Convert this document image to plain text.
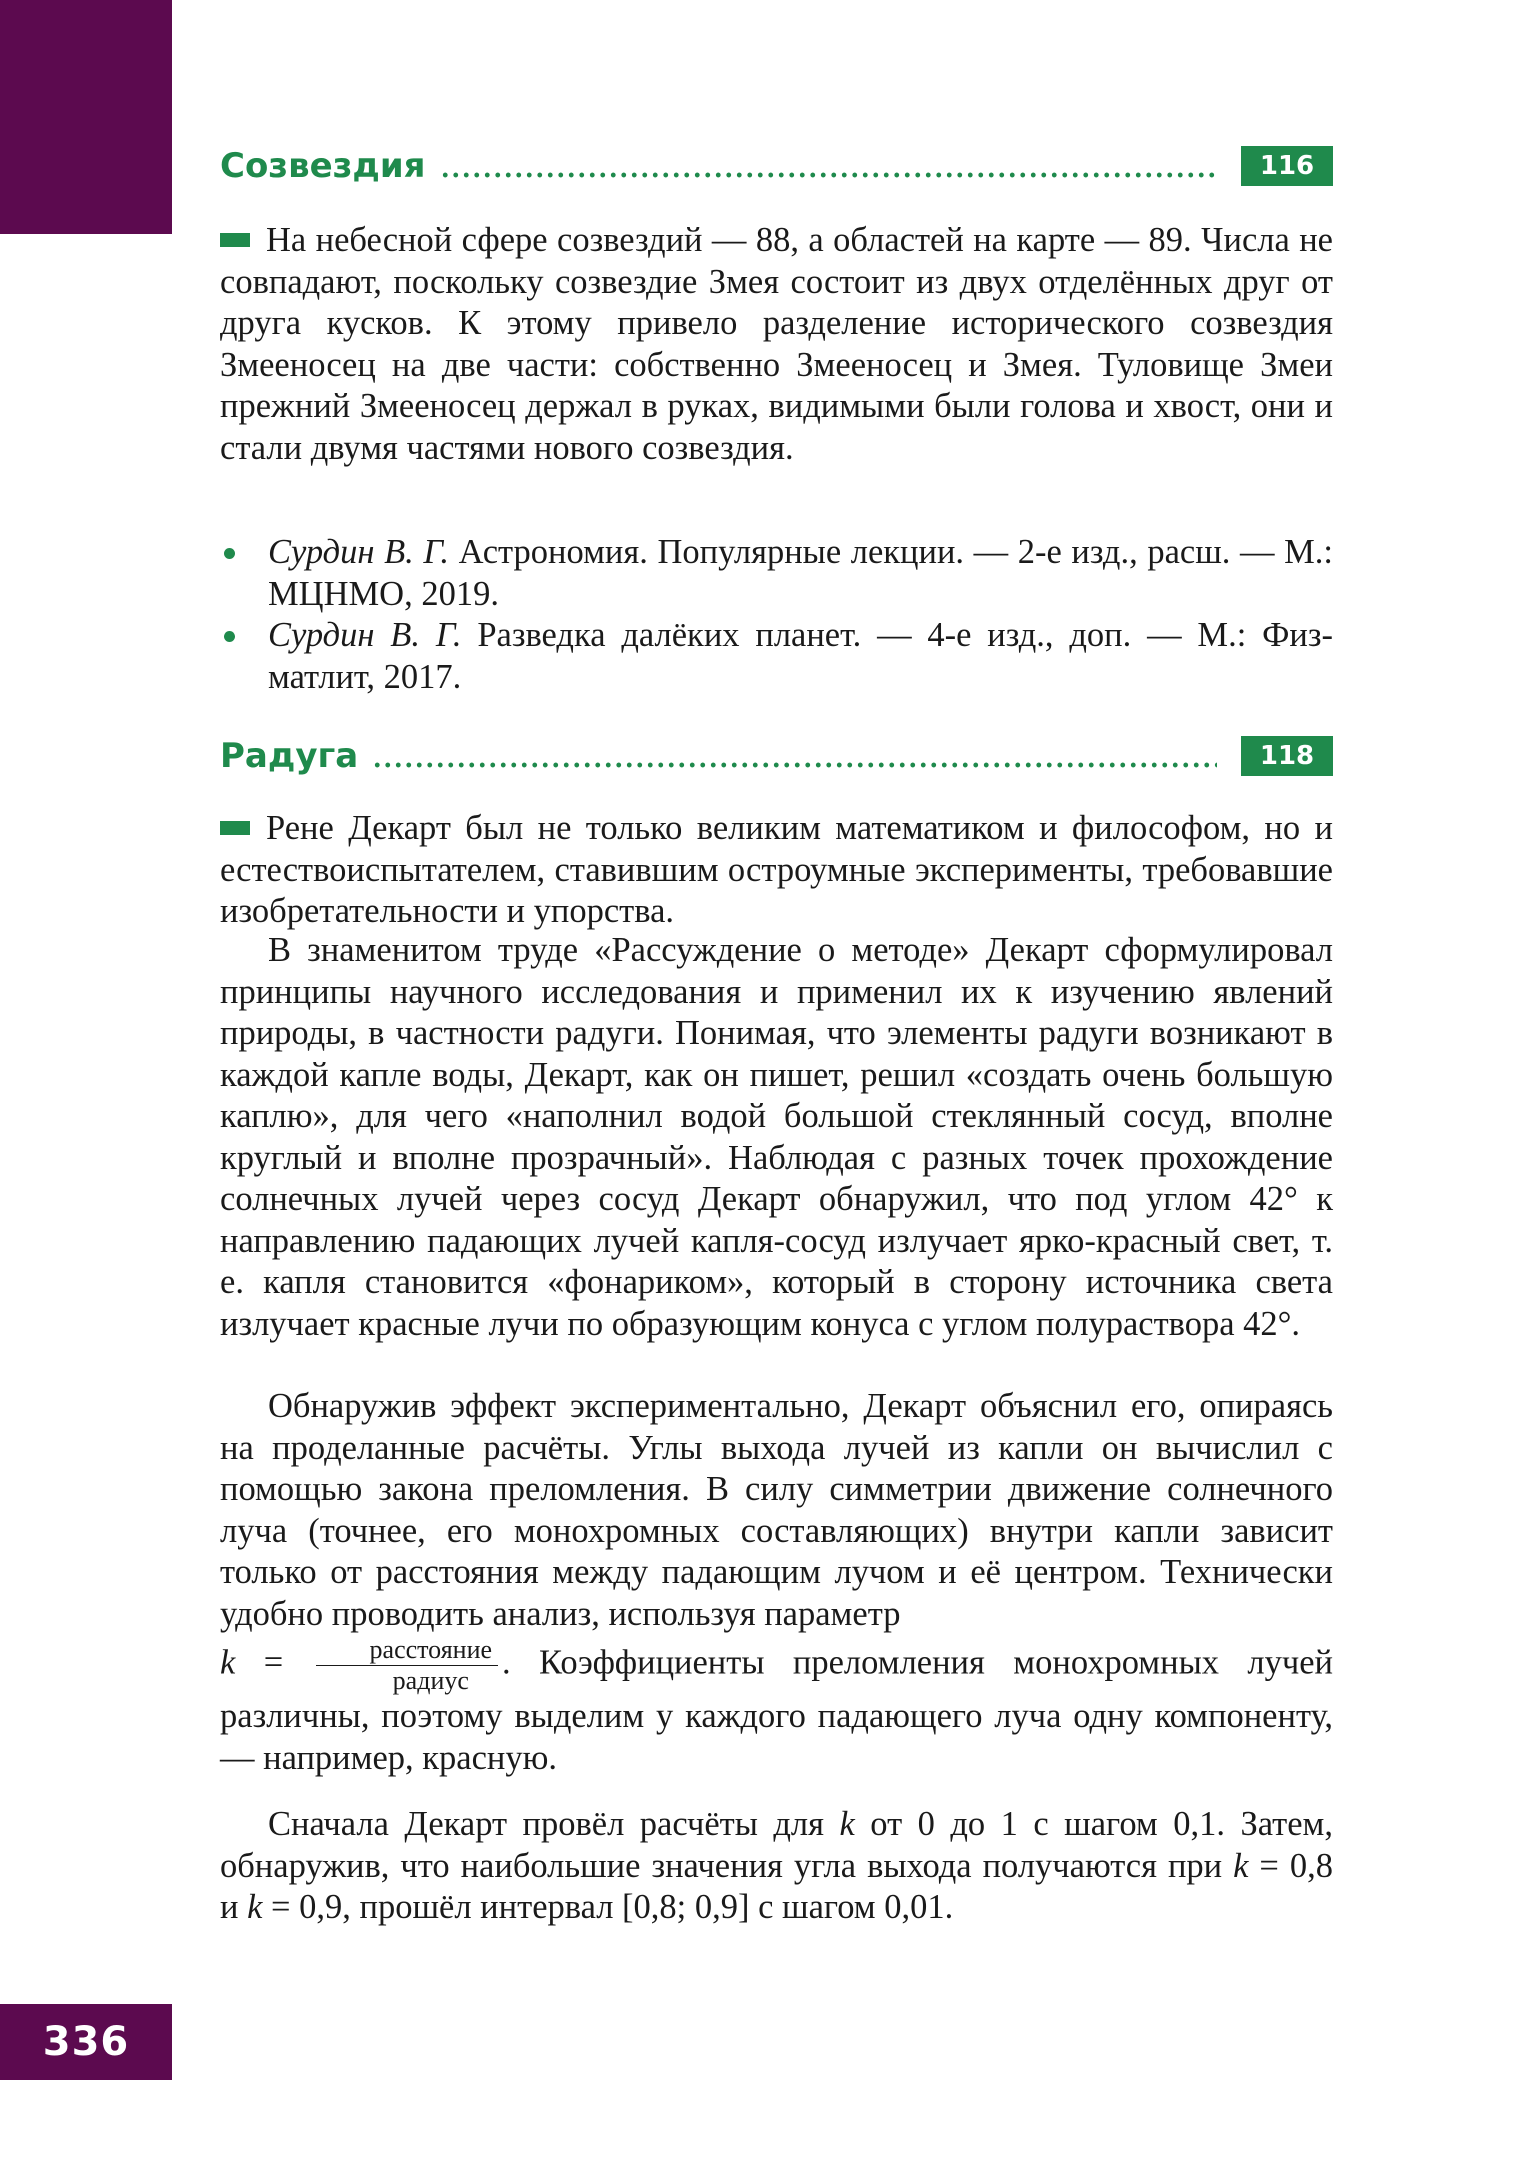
336
Созвездия	116

На небесной сфере созвездий — 88, а областей на карте — 89. Числа не совпадают, поскольку созвездие Змея состоит из двух отделённых друг от друга кусков. К этому привело разделение исторического созвездия Змееносец на две части: собственно Змееносец и Змея. Туловище Змеи прежний Змееносец держал в руках, видимыми были голова и хвост, они и стали двумя частями нового созвездия.

Сурдин В. Г. Астрономия. Популярные лекции. — 2-е изд., расш. — М.: МЦНМО, 2019.
Сурдин В. Г. Разведка далёких планет. — 4-е изд., доп. — М.: Физматлит, 2017.
Радуга	118

Рене Декарт был не только великим математиком и философом, но и естествоиспытателем, ставившим остроумные эксперименты, требовавшие изобретательности и упорства.

В знаменитом труде «Рассуждение о методе» Декарт сформулировал принципы научного исследования и применил их к изучению явлений природы, в частности радуги. Понимая, что элементы радуги возникают в каждой капле воды, Декарт, как он пишет, решил «создать очень большую каплю», для чего «наполнил водой большой стеклянный сосуд, вполне круглый и вполне прозрачный». Наблюдая с разных точек прохождение солнечных лучей через сосуд Декарт обнаружил, что под углом 42° к направлению падающих лучей капля-сосуд излучает ярко-красный свет, т. е. капля становится «фонариком», который в сторону источника света излучает красные лучи по образующим конуса с углом полураствора 42°.

Обнаружив эффект экспериментально, Декарт объяснил его, опираясь на проделанные расчёты. Углы выхода лучей из капли он вычислил с помощью закона преломления. В силу симметрии движение солнечного луча (точнее, его монохромных составляющих) внутри капли зависит только от расстояния между падающим лучом и её центром. Технически удобно проводить анализ, используя параметр
$k = \frac{\text{расстояние}}{\text{радиус}}$ . Коэффициенты преломления монохромных лучей различны, поэтому выделим у каждого падающего луча одну компоненту, — например, красную.

Сначала Декарт провёл расчёты для k от 0 до 1 с шагом 0,1. Затем, обнаружив, что наибольшие значения угла выхода получаются при k = 0,8 и k = 0,9, прошёл интервал [0,8; 0,9] с шагом 0,01.
